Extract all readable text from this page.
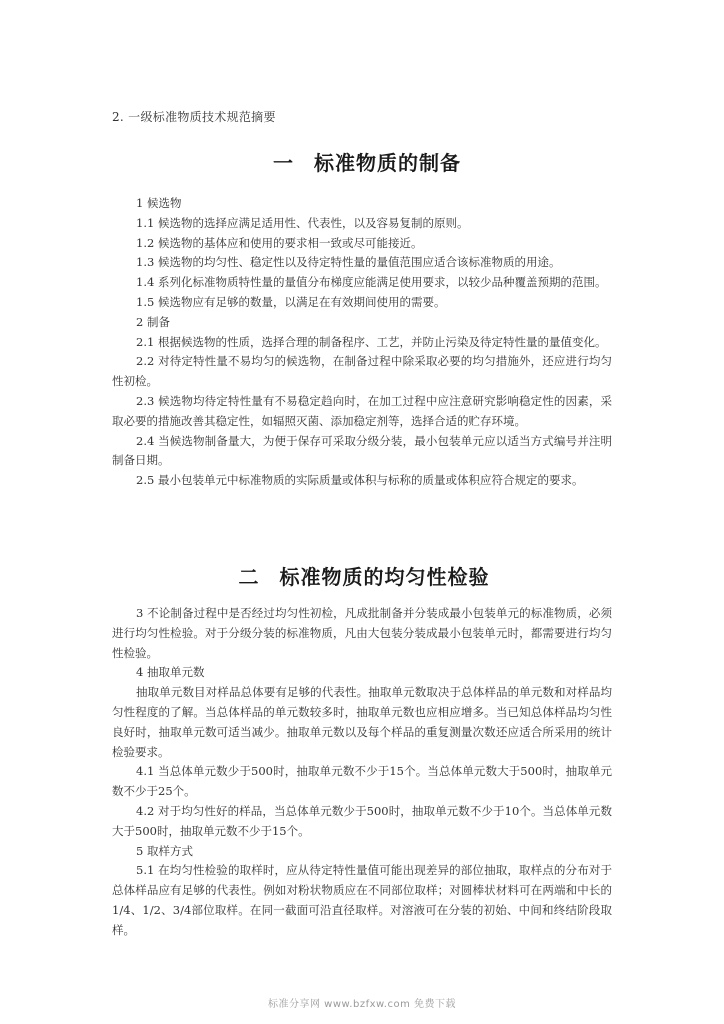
2. 一级标准物质技术规范摘要
一 标准物质的制备

1 候选物

1.1 候选物的选择应满足适用性、代表性，以及容易复制的原则。

1.2 候选物的基体应和使用的要求相一致或尽可能接近。

1.3 候选物的均匀性、稳定性以及待定特性量的量值范围应适合该标准物质的用途。

1.4 系列化标准物质特性量的量值分布梯度应能满足使用要求，以较少品种覆盖预期的范围。

1.5 候选物应有足够的数量，以满足在有效期间使用的需要。

2 制备

2.1 根据候选物的性质，选择合理的制备程序、工艺，并防止污染及待定特性量的量值变化。

2.2 对待定特性量不易均匀的候选物，在制备过程中除采取必要的均匀措施外，还应进行均匀性初检。

2.3 候选物均待定特性量有不易稳定趋向时，在加工过程中应注意研究影响稳定性的因素，采取必要的措施改善其稳定性，如辐照灭菌、添加稳定剂等，选择合适的贮存环境。

2.4 当候选物制备量大，为便于保存可采取分级分装，最小包装单元应以适当方式编号并注明制备日期。

2.5 最小包装单元中标准物质的实际质量或体积与标称的质量或体积应符合规定的要求。

二 标准物质的均匀性检验

3 不论制备过程中是否经过均匀性初检，凡成批制备并分装成最小包装单元的标准物质，必须进行均匀性检验。对于分级分装的标准物质，凡由大包装分装成最小包装单元时，都需要进行均匀性检验。

4 抽取单元数

抽取单元数目对样品总体要有足够的代表性。抽取单元数取决于总体样品的单元数和对样品均匀性程度的了解。当总体样品的单元数较多时，抽取单元数也应相应增多。当已知总体样品均匀性良好时，抽取单元数可适当减少。抽取单元数以及每个样品的重复测量次数还应适合所采用的统计检验要求。

4.1 当总体单元数少于500时，抽取单元数不少于15个。当总体单元数大于500时，抽取单元数不少于25个。

4.2 对于均匀性好的样品，当总体单元数少于500时，抽取单元数不少于10个。当总体单元数大于500时，抽取单元数不少于15个。

5 取样方式

5.1 在均匀性检验的取样时，应从待定特性量值可能出现差异的部位抽取，取样点的分布对于总体样品应有足够的代表性。例如对粉状物质应在不同部位取样；对圆棒状材料可在两端和中长的1/4、1/2、3/4部位取样。在同一截面可沿直径取样。对溶液可在分装的初始、中间和终结阶段取样。

标准分享网 www.bzfxw.com 免费下载
